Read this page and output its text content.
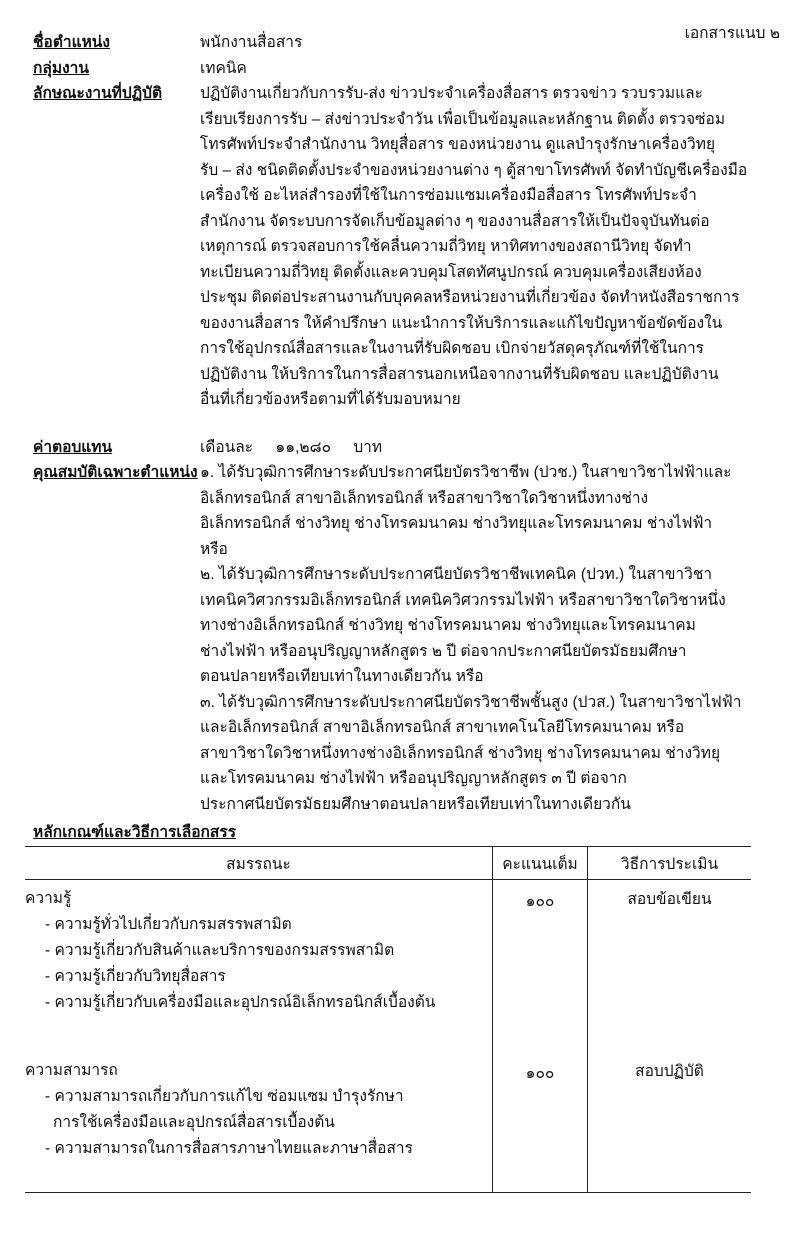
เอกสารแนบ ๒
ชื่อตำแหน่ง	พนักงานสื่อสาร
กลุ่มงาน	เทคนิค
ลักษณะงานที่ปฏิบัติ ปฏิบัติงานเกี่ยวกับการรับ-ส่ง ข่าวประจำเครื่องสื่อสาร ตรวจข่าว รวบรวมและ
เรียบเรียงการรับ – ส่งข่าวประจำวัน เพื่อเป็นข้อมูลและหลักฐาน ติดตั้ง ตรวจซ่อม
โทรศัพท์ประจำสำนักงาน วิทยุสื่อสาร ของหน่วยงาน ดูแลบำรุงรักษาเครื่องวิทยุ
รับ – ส่ง ชนิดติดตั้งประจำของหน่วยงานต่าง ๆ ตู้สาขาโทรศัพท์ จัดทำบัญชีเครื่องมือ
เครื่องใช้ อะไหล่สำรองที่ใช้ในการซ่อมแซมเครื่องมือสื่อสาร โทรศัพท์ประจำ
สำนักงาน จัดระบบการจัดเก็บข้อมูลต่าง ๆ ของงานสื่อสารให้เป็นปัจจุบันทันต่อ
เหตุการณ์ ตรวจสอบการใช้คลื่นความถี่วิทยุ หาทิศทางของสถานีวิทยุ จัดทำ
ทะเบียนความถี่วิทยุ ติดตั้งและควบคุมโสตทัศนูปกรณ์ ควบคุมเครื่องเสียงห้อง
ประชุม ติดต่อประสานงานกับบุคคลหรือหน่วยงานที่เกี่ยวข้อง จัดทำหนังสือราชการ
ของงานสื่อสาร ให้คำปรึกษา แนะนำการให้บริการและแก้ไขปัญหาข้อขัดข้องใน
การใช้อุปกรณ์สื่อสารและในงานที่รับผิดชอบ เบิกจ่ายวัสดุครุภัณฑ์ที่ใช้ในการ
ปฏิบัติงาน ให้บริการในการสื่อสารนอกเหนือจากงานที่รับผิดชอบ และปฏิบัติงาน
อื่นที่เกี่ยวข้องหรือตามที่ได้รับมอบหมาย
ค่าตอบแทน	เดือนละ ๑๑,๒๘๐ บาท
คุณสมบัติเฉพาะตำแหน่ง ๑. ได้รับวุฒิการศึกษาระดับประกาศนียบัตรวิชาชีพ (ปวช.) ในสาขาวิชาไฟฟ้าและ
อิเล็กทรอนิกส์ สาขาอิเล็กทรอนิกส์ หรือสาขาวิชาใดวิชาหนึ่งทางช่าง
อิเล็กทรอนิกส์ ช่างวิทยุ ช่างโทรคมนาคม ช่างวิทยุและโทรคมนาคม ช่างไฟฟ้า
หรือ
๒. ได้รับวุฒิการศึกษาระดับประกาศนียบัตรวิชาชีพเทคนิค (ปวท.) ในสาขาวิชา
เทคนิควิศวกรรมอิเล็กทรอนิกส์ เทคนิควิศวกรรมไฟฟ้า หรือสาขาวิชาใดวิชาหนึ่ง
ทางช่างอิเล็กทรอนิกส์ ช่างวิทยุ ช่างโทรคมนาคม ช่างวิทยุและโทรคมนาคม
ช่างไฟฟ้า หรืออนุปริญญาหลักสูตร ๒ ปี ต่อจากประกาศนียบัตรมัธยมศึกษา
ตอนปลายหรือเทียบเท่าในทางเดียวกัน หรือ
๓. ได้รับวุฒิการศึกษาระดับประกาศนียบัตรวิชาชีพชั้นสูง (ปวส.) ในสาขาวิชาไฟฟ้า
และอิเล็กทรอนิกส์ สาขาอิเล็กทรอนิกส์ สาขาเทคโนโลยีโทรคมนาคม หรือ
สาขาวิชาใดวิชาหนึ่งทางช่างอิเล็กทรอนิกส์ ช่างวิทยุ ช่างโทรคมนาคม ช่างวิทยุ
และโทรคมนาคม ช่างไฟฟ้า หรืออนุปริญญาหลักสูตร ๓ ปี ต่อจาก
ประกาศนียบัตรมัธยมศึกษาตอนปลายหรือเทียบเท่าในทางเดียวกัน
หลักเกณฑ์และวิธีการเลือกสรร
สมรรถนะ	คะแนนเต็ม	วิธีการประเมิน

ความรู้
- ความรู้ทั่วไปเกี่ยวกับกรมสรรพสามิต
- ความรู้เกี่ยวกับสินค้าและบริการของกรมสรรพสามิต
- ความรู้เกี่ยวกับวิทยุสื่อสาร
- ความรู้เกี่ยวกับเครื่องมือและอุปกรณ์อิเล็กทรอนิกส์เบื้องต้น	๑๐๐	สอบข้อเขียน

ความสามารถ
- ความสามารถเกี่ยวกับการแก้ไข ซ่อมแซม บำรุงรักษา
การใช้เครื่องมือและอุปกรณ์สื่อสารเบื้องต้น
- ความสามารถในการสื่อสารภาษาไทยและภาษาสื่อสาร	๑๐๐	สอบปฏิบัติ
